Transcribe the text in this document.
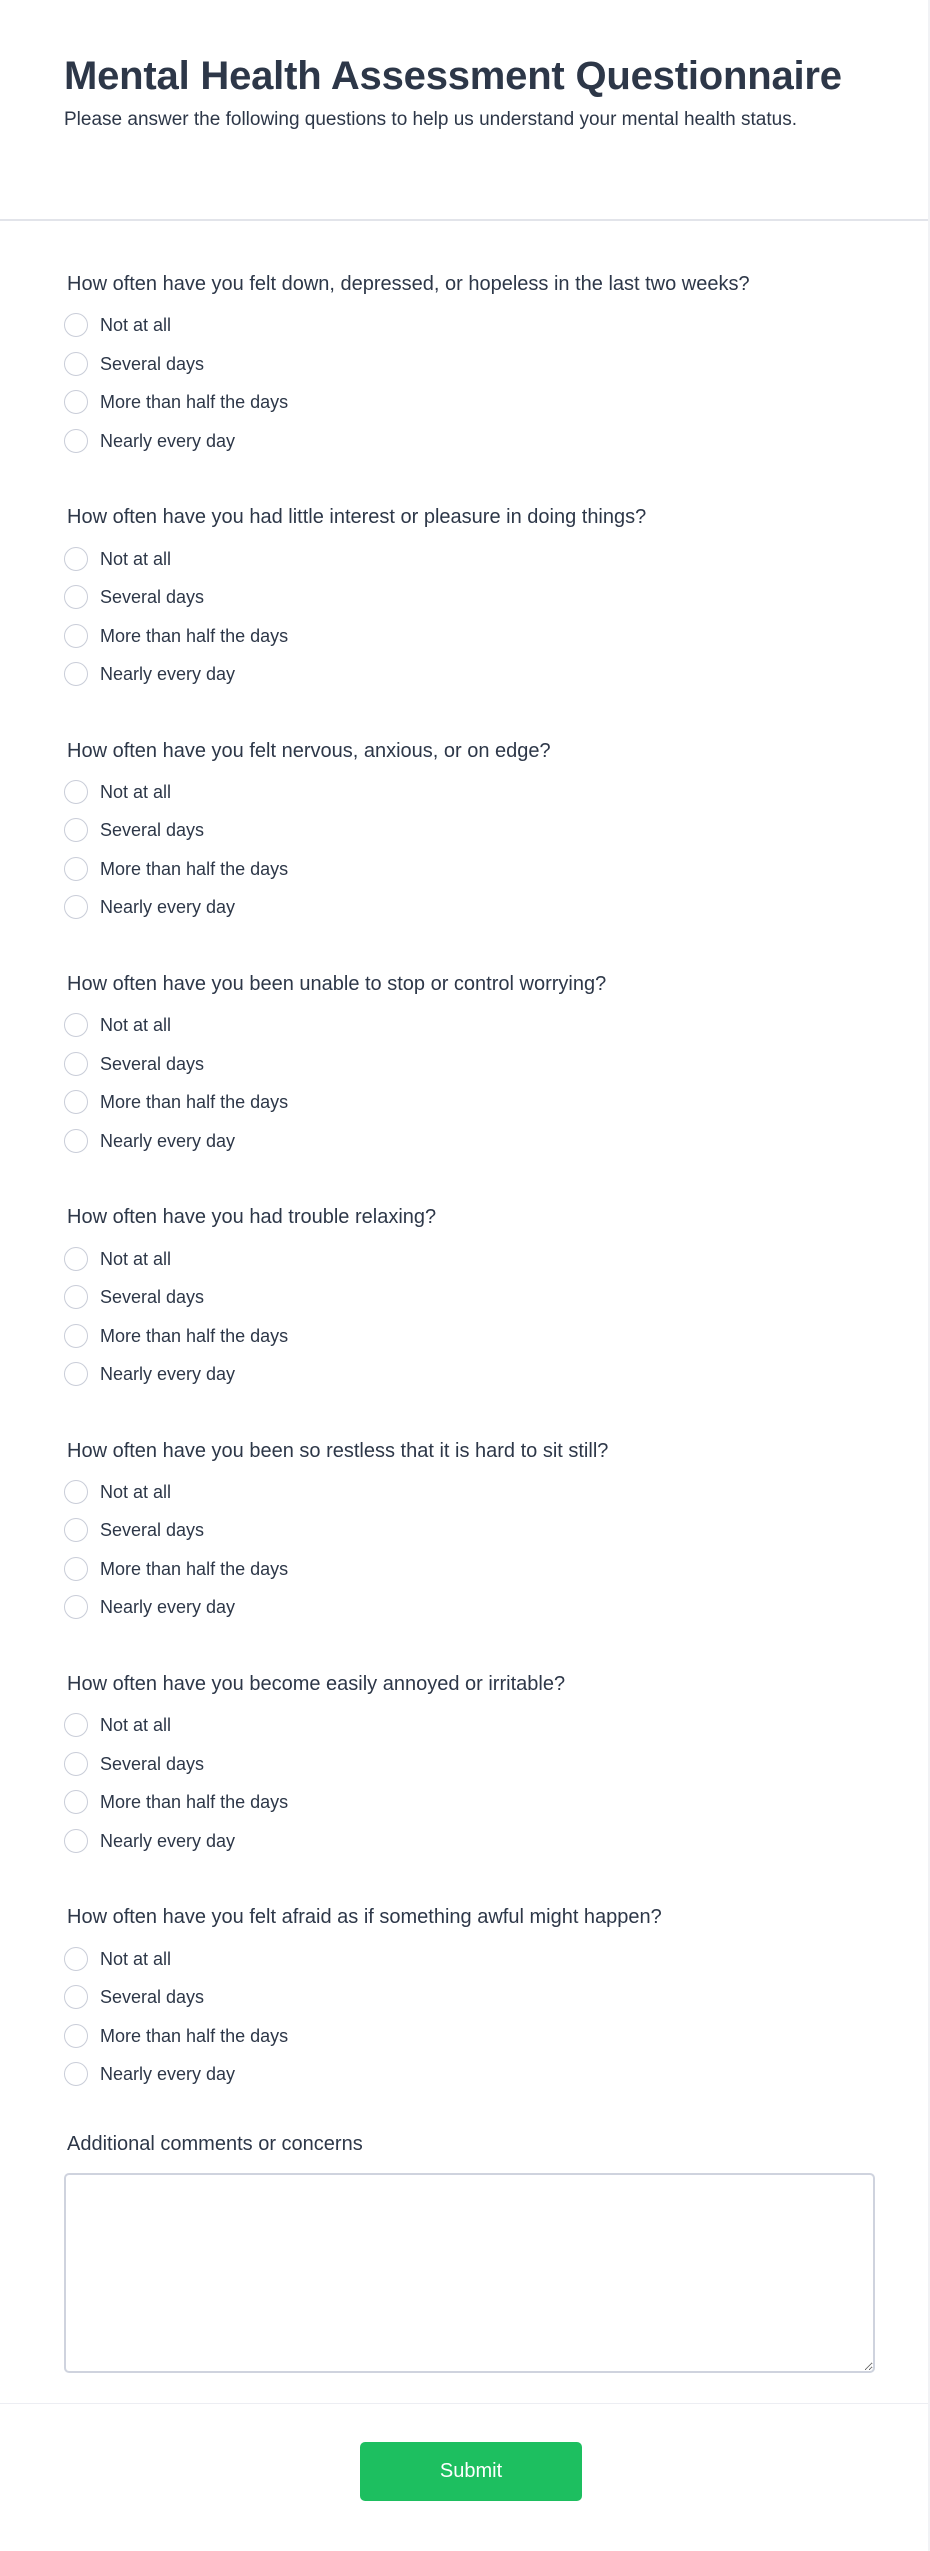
Mental Health Assessment Questionnaire

Please answer the following questions to help us understand your mental health status.

How often have you felt down, depressed, or hopeless in the last two weeks?
Not at all
Several days
More than half the days
Nearly every day
How often have you had little interest or pleasure in doing things?
Not at all
Several days
More than half the days
Nearly every day
How often have you felt nervous, anxious, or on edge?
Not at all
Several days
More than half the days
Nearly every day
How often have you been unable to stop or control worrying?
Not at all
Several days
More than half the days
Nearly every day
How often have you had trouble relaxing?
Not at all
Several days
More than half the days
Nearly every day
How often have you been so restless that it is hard to sit still?
Not at all
Several days
More than half the days
Nearly every day
How often have you become easily annoyed or irritable?
Not at all
Several days
More than half the days
Nearly every day
How often have you felt afraid as if something awful might happen?
Not at all
Several days
More than half the days
Nearly every day
Additional comments or concerns
Submit
